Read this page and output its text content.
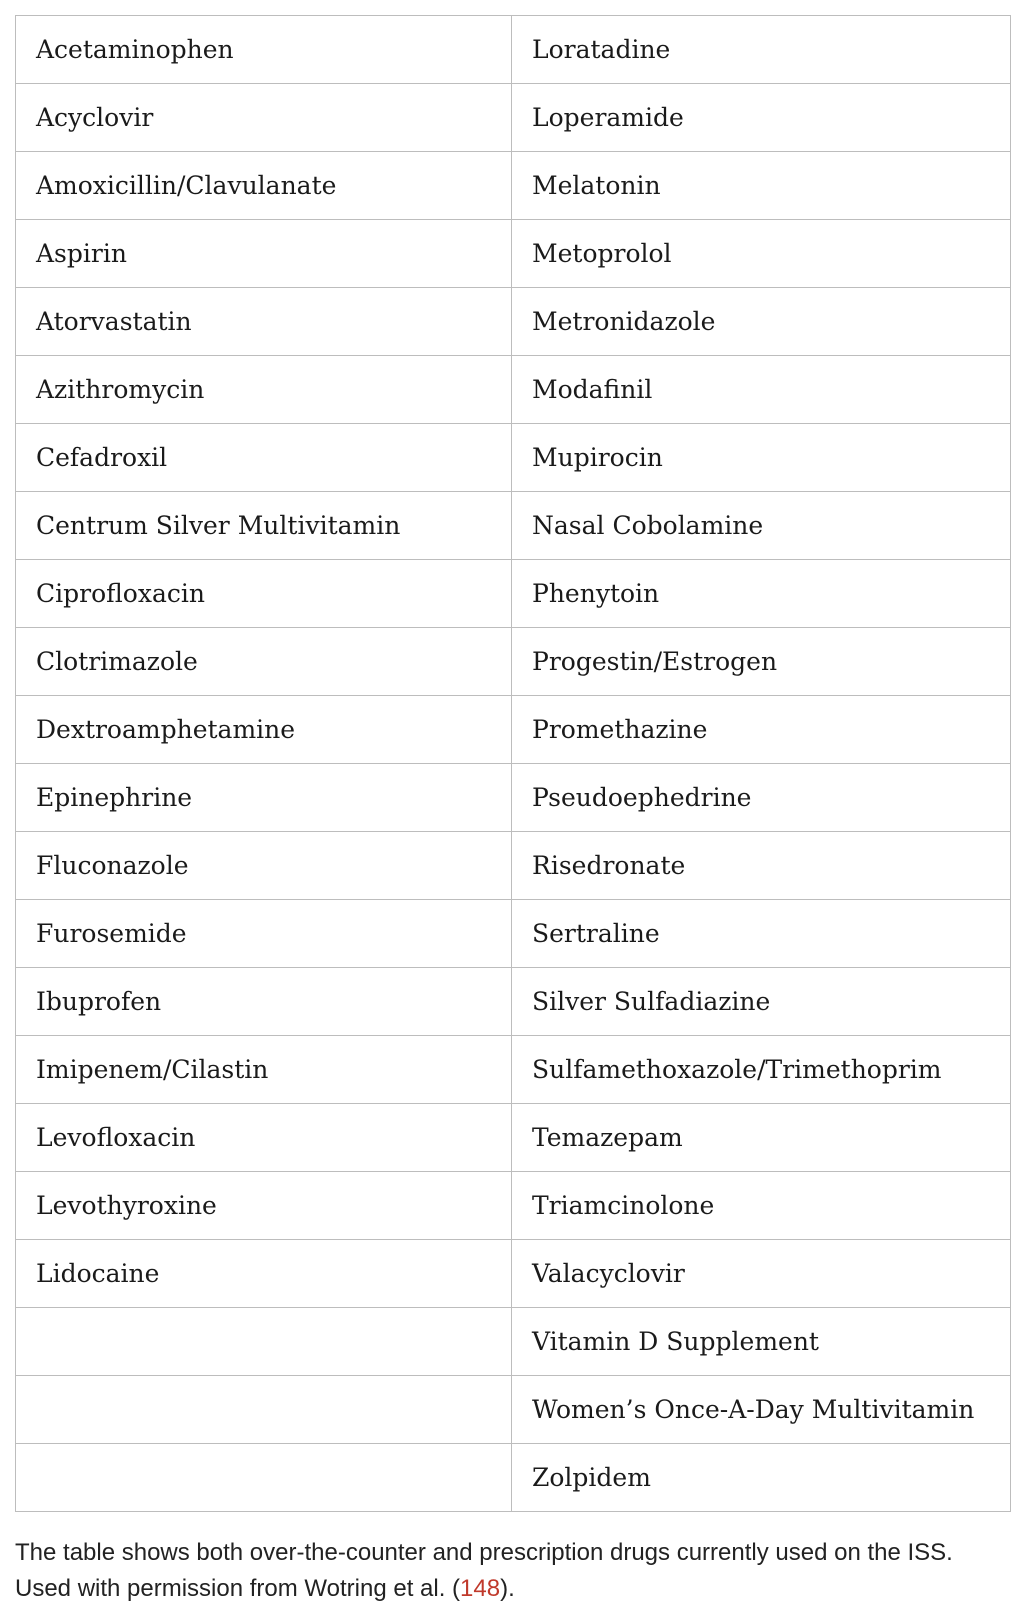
Acetaminophen	Loratadine
Acyclovir	Loperamide
Amoxicillin/Clavulanate	Melatonin
Aspirin	Metoprolol
Atorvastatin	Metronidazole
Azithromycin	Modafinil
Cefadroxil	Mupirocin
Centrum Silver Multivitamin	Nasal Cobolamine
Ciprofloxacin	Phenytoin
Clotrimazole	Progestin/Estrogen
Dextroamphetamine	Promethazine
Epinephrine	Pseudoephedrine
Fluconazole	Risedronate
Furosemide	Sertraline
Ibuprofen	Silver Sulfadiazine
Imipenem/Cilastin	Sulfamethoxazole/Trimethoprim
Levofloxacin	Temazepam
Levothyroxine	Triamcinolone
Lidocaine	Valacyclovir
	Vitamin D Supplement
	Women’s Once-A-Day Multivitamin
	Zolpidem
The table shows both over-the-counter and prescription drugs currently used on the ISS. Used with permission from Wotring et al. (148).
